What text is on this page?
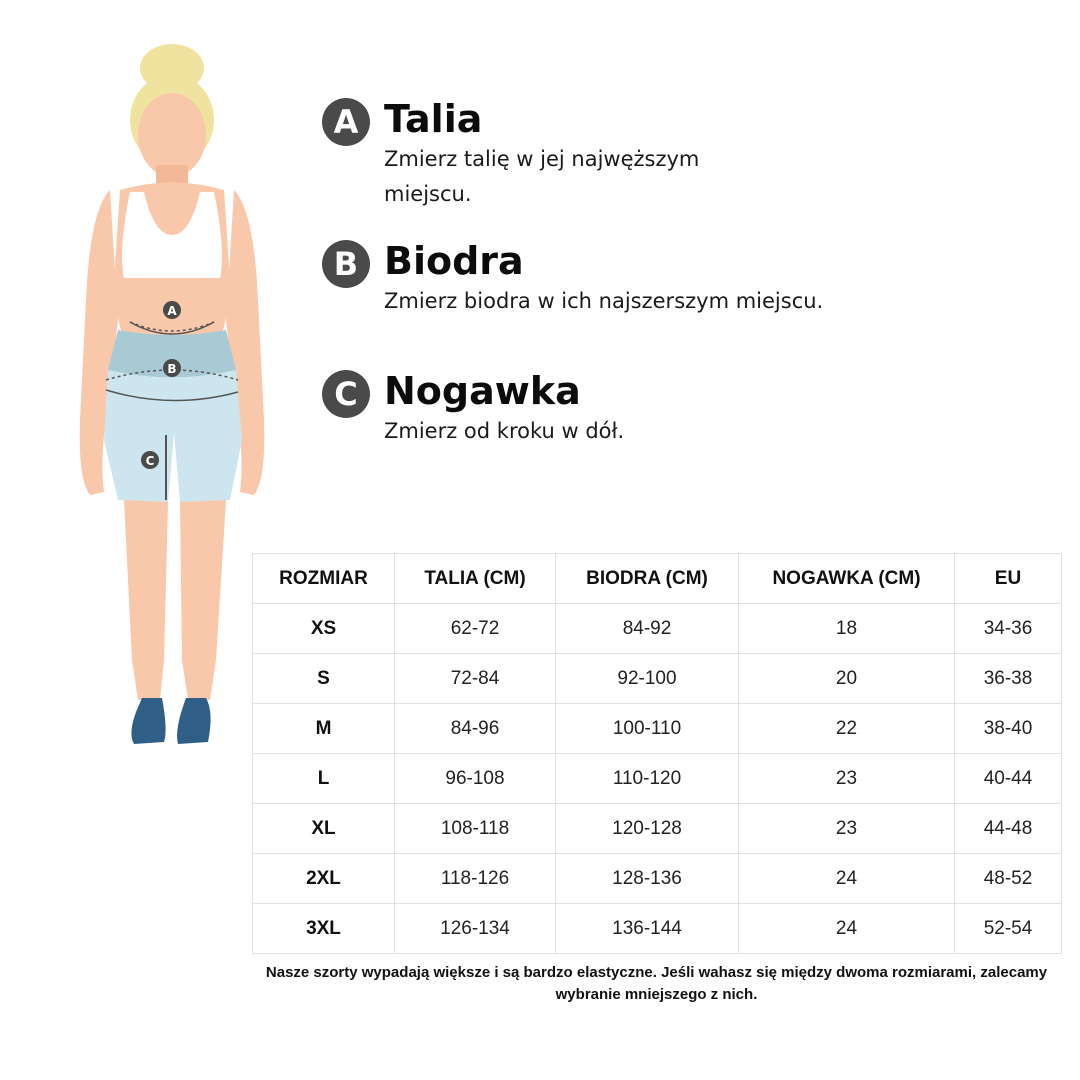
A
B
C
A Talia
Zmierz talię w jej najwęższym miejscu.
B Biodra
Zmierz biodra w ich najszerszym miejscu.
C Nogawka
Zmierz od kroku w dół.
ROZMIAR	TALIA (CM)	BIODRA (CM)	NOGAWKA (CM)	EU
XS	62-72	84-92	18	34-36
S	72-84	92-100	20	36-38
M	84-96	100-110	22	38-40
L	96-108	110-120	23	40-44
XL	108-118	120-128	23	44-48
2XL	118-126	128-136	24	48-52
3XL	126-134	136-144	24	52-54
Nasze szorty wypadają większe i są bardzo elastyczne. Jeśli wahasz się między dwoma rozmiarami, zalecamy wybranie mniejszego z nich.
